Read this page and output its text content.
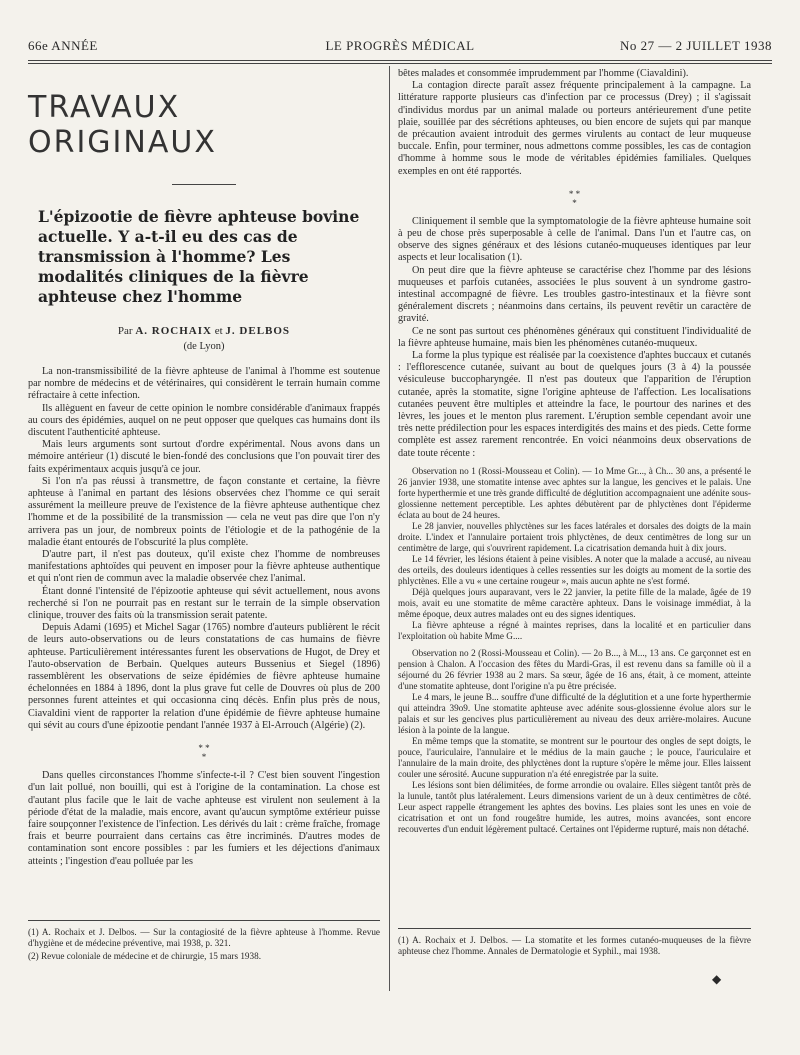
66e ANNÉE	LE PROGRÈS MÉDICAL	No 27 — 2 JUILLET 1938
TRAVAUX ORIGINAUX
L'épizootie de fièvre aphteuse bovine actuelle. Y a-t-il eu des cas de transmission à l'homme? Les modalités cliniques de la fièvre aphteuse chez l'homme
Par A. ROCHAIX et J. DELBOS
(de Lyon)

La non-transmissibilité de la fièvre aphteuse de l'animal à l'homme est soutenue par nombre de médecins et de vétérinaires, qui considèrent le terrain humain comme réfractaire à cette infection.

Ils allèguent en faveur de cette opinion le nombre considérable d'animaux frappés au cours des épidémies, auquel on ne peut opposer que quelques cas humains dont ils discutent l'authenticité aphteuse.

Mais leurs arguments sont surtout d'ordre expérimental. Nous avons dans un mémoire antérieur (1) discuté le bien-fondé des conclusions que l'on pouvait tirer des faits expérimentaux acquis jusqu'à ce jour.

Si l'on n'a pas réussi à transmettre, de façon constante et certaine, la fièvre aphteuse à l'animal en partant des lésions observées chez l'homme ce qui serait assurément la meilleure preuve de l'existence de la fièvre aphteuse authentique chez l'homme et de la possibilité de la transmission — cela ne veut pas dire que l'on n'y arrivera pas un jour, de nombreux points de l'étiologie et de la pathogénie de la maladie étant entourés de l'obscurité la plus complète.

D'autre part, il n'est pas douteux, qu'il existe chez l'homme de nombreuses manifestations aphtoïdes qui peuvent en imposer pour la fièvre aphteuse authentique et qui n'ont rien de commun avec la maladie observée chez l'animal.

Étant donné l'intensité de l'épizootie aphteuse qui sévit actuellement, nous avons recherché si l'on ne pourrait pas en restant sur le terrain de la simple observation clinique, trouver des faits où la transmission serait patente.

Depuis Adami (1695) et Michel Sagar (1765) nombre d'auteurs publièrent le récit de leurs auto-observations ou de leurs constatations de cas humains de fièvre aphteuse. Particulièrement intéressantes furent les observations de Hugot, de Drey et l'auto-observation de Berbain. Quelques auteurs Bussenius et Siegel (1896) rassemblèrent les observations de seize épidémies de fièvre aphteuse humaine échelonnées en 1884 à 1896, dont la plus grave fut celle de Douvres où plus de 200 personnes furent atteintes et qui occasionna cinq décès. Enfin plus près de nous, Ciavaldini vient de rapporter la relation d'une épidémie de fièvre aphteuse humaine qui sévit au cours d'une épizootie pendant l'année 1937 à El-Arrouch (Algérie) (2).

* *
*

Dans quelles circonstances l'homme s'infecte-t-il ? C'est bien souvent l'ingestion d'un lait pollué, non bouilli, qui est à l'origine de la contamination. La chose est d'autant plus facile que le lait de vache aphteuse est virulent non seulement à la période d'état de la maladie, mais encore, avant qu'aucun symptôme extérieur puisse faire soupçonner l'existence de l'infection. Les dérivés du lait : crème fraîche, fromage frais et beurre pourraient dans certains cas être incriminés. D'autres modes de contamination sont encore possibles : par les fumiers et les déjections d'animaux atteints ; l'ingestion d'eau polluée par les

(1) A. Rochaix et J. Delbos. — Sur la contagiosité de la fièvre aphteuse à l'homme. Revue d'hygiène et de médecine préventive, mai 1938, p. 321.
(2) Revue coloniale de médecine et de chirurgie, 15 mars 1938.

bêtes malades et consommée imprudemment par l'homme (Ciavaldini).

La contagion directe paraît assez fréquente principalement à la campagne. La littérature rapporte plusieurs cas d'infection par ce processus (Drey) ; il s'agissait d'individus mordus par un animal malade ou porteurs antérieurement d'une petite plaie, souillée par des sécrétions aphteuses, ou bien encore de sujets qui par manque de précaution avaient introduit des germes virulents au contact de leur muqueuse buccale. Enfin, pour terminer, nous admettons comme possibles, les cas de contagion d'homme à homme sous le mode de véritables épidémies familiales. Quelques exemples en ont été rapportés.

* *
*

Cliniquement il semble que la symptomatologie de la fièvre aphteuse humaine soit à peu de chose près superposable à celle de l'animal. Dans l'un et l'autre cas, on observe des signes généraux et des lésions cutanéo-muqueuses identiques par leur aspects et leur localisation (1).

On peut dire que la fièvre aphteuse se caractérise chez l'homme par des lésions muqueuses et parfois cutanées, associées le plus souvent à un syndrome gastro-intestinal accompagné de fièvre. Les troubles gastro-intestinaux et la fièvre sont généralement discrets ; néanmoins dans certains, ils peuvent revêtir un caractère de gravité.

Ce ne sont pas surtout ces phénomènes généraux qui constituent l'individualité de la fièvre aphteuse humaine, mais bien les phénomènes cutanéo-muqueux.

La forme la plus typique est réalisée par la coexistence d'aphtes buccaux et cutanés : l'efflorescence cutanée, suivant au bout de quelques jours (3 à 4) la poussée vésiculeuse buccopharyngée. Il n'est pas douteux que l'apparition de l'éruption cutanée, après la stomatite, signe l'origine aphteuse de l'affection. Les localisations cutanées peuvent être multiples et atteindre la face, le pourtour des narines et des lèvres, les joues et le menton plus rarement. L'éruption semble cependant avoir une très nette prédilection pour les espaces interdigités des mains et des pieds. Cette forme complète est assez rarement rencontrée. En voici néanmoins deux observations de date toute récente :

Observation no 1 (Rossi-Mousseau et Colin). — 1o Mme Gr..., à Ch... 30 ans, a présenté le 26 janvier 1938, une stomatite intense avec aphtes sur la langue, les gencives et le palais. Une forte hyperthermie et une très grande difficulté de déglutition accompagnaient une adénite sous-glossienne nettement perceptible. Les aphtes débutèrent par de phlyctènes dont l'épiderme éclata au bout de 24 heures.

Le 28 janvier, nouvelles phlyctènes sur les faces latérales et dorsales des doigts de la main droite. L'index et l'annulaire portaient trois phlyctènes, de deux centimètres de long sur un centimètre de large, qui s'ouvrirent rapidement. La cicatrisation demanda huit à dix jours.

Le 14 février, les lésions étaient à peine visibles. A noter que la malade a accusé, au niveau des orteils, des douleurs identiques à celles ressenties sur les doigts au moment de la sortie des phlyctènes. Elle a vu « une certaine rougeur », mais aucun aphte ne s'est formé.

Déjà quelques jours auparavant, vers le 22 janvier, la petite fille de la malade, âgée de 19 mois, avait eu une stomatite de même caractère aphteux. Dans le voisinage immédiat, à la même époque, deux autres malades ont eu des signes identiques.

La fièvre aphteuse a régné à maintes reprises, dans la localité et en particulier dans l'exploitation où habite Mme G....

Observation no 2 (Rossi-Mousseau et Colin). — 2o B..., à M..., 13 ans. Ce garçonnet est en pension à Chalon. A l'occasion des fêtes du Mardi-Gras, il est revenu dans sa famille où il a séjourné du 26 février 1938 au 2 mars. Sa sœur, âgée de 16 ans, était, à ce moment, atteinte d'une stomatite aphteuse, dont l'origine n'a pu être précisée.

Le 4 mars, le jeune B... souffre d'une difficulté de la déglutition et a une forte hyperthermie qui atteindra 39o9. Une stomatite aphteuse avec adénite sous-glossienne évolue alors sur le palais et sur les gencives plus particulièrement au niveau des deux arrière-molaires. Aucune lésion à la pointe de la langue.

En même temps que la stomatite, se montrent sur le pourtour des ongles de sept doigts, le pouce, l'auriculaire, l'annulaire et le médius de la main gauche ; le pouce, l'auriculaire et l'annulaire de la main droite, des phlyctènes dont la rupture s'opère le même jour. Elles laissent couler une sérosité. Aucune suppuration n'a été enregistrée par la suite.

Les lésions sont bien délimitées, de forme arrondie ou ovalaire. Elles siègent tantôt près de la lunule, tantôt plus latéralement. Leurs dimensions varient de un à deux centimètres de côté. Leur aspect rappelle étrangement les aphtes des bovins. Les plaies sont les unes en voie de cicatrisation et ont un fond rougeâtre humide, les autres, moins avancées, sont encore recouvertes d'un enduit légèrement pultacé. Certaines ont l'épiderme rupturé, mais non détaché.

(1) A. Rochaix et J. Delbos. — La stomatite et les formes cutanéo-muqueuses de la fièvre aphteuse chez l'homme. Annales de Dermatologie et Syphil., mai 1938.
◆
